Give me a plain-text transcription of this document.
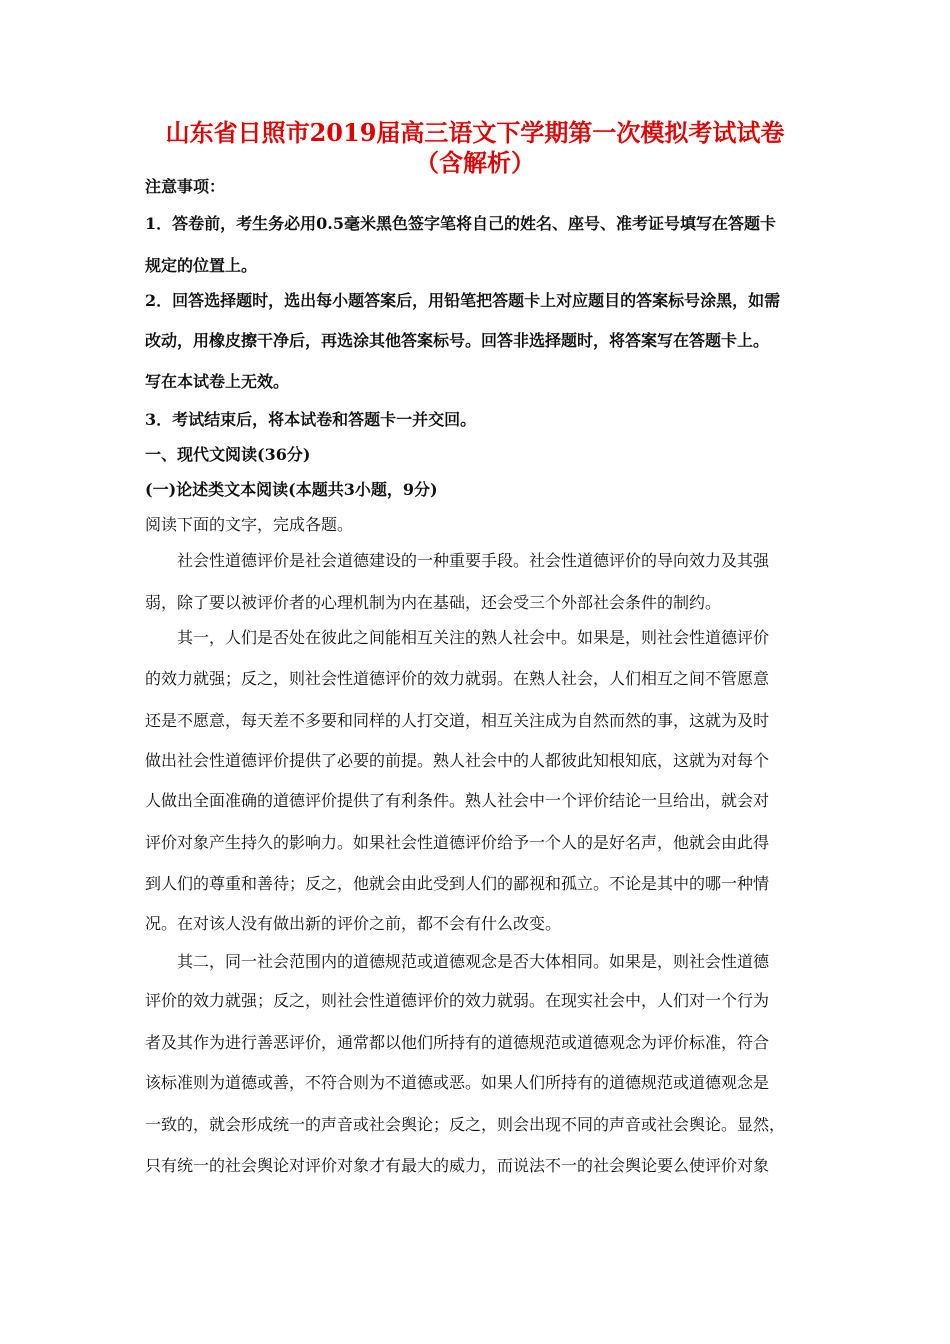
山东省日照市2019届高三语文下学期第一次模拟考试试卷（含解析）
注意事项：
1．答卷前，考生务必用0.5毫米黑色签字笔将自己的姓名、座号、准考证号填写在答题卡
规定的位置上。
2．回答选择题时，选出每小题答案后，用铅笔把答题卡上对应题目的答案标号涂黑，如需
改动，用橡皮擦干净后，再选涂其他答案标号。回答非选择题时，将答案写在答题卡上。
写在本试卷上无效。
3．考试结束后，将本试卷和答题卡一并交回。
一、现代文阅读(36分)
(一)论述类文本阅读(本题共3小题，9分)
阅读下面的文字，完成各题。
社会性道德评价是社会道德建设的一种重要手段。社会性道德评价的导向效力及其强
弱，除了要以被评价者的心理机制为内在基础，还会受三个外部社会条件的制约。
其一，人们是否处在彼此之间能相互关注的熟人社会中。如果是，则社会性道德评价
的效力就强；反之，则社会性道德评价的效力就弱。在熟人社会，人们相互之间不管愿意
还是不愿意，每天差不多要和同样的人打交道，相互关注成为自然而然的事，这就为及时
做出社会性道德评价提供了必要的前提。熟人社会中的人都彼此知根知底，这就为对每个
人做出全面准确的道德评价提供了有利条件。熟人社会中一个评价结论一旦给出，就会对
评价对象产生持久的影响力。如果社会性道德评价给予一个人的是好名声，他就会由此得
到人们的尊重和善待；反之，他就会由此受到人们的鄙视和孤立。不论是其中的哪一种情
况。在对该人没有做出新的评价之前，都不会有什么改变。
其二，同一社会范围内的道德规范或道德观念是否大体相同。如果是，则社会性道德
评价的效力就强；反之，则社会性道德评价的效力就弱。在现实社会中，人们对一个行为
者及其作为进行善恶评价，通常都以他们所持有的道德规范或道德观念为评价标准，符合
该标准则为道德或善，不符合则为不道德或恶。如果人们所持有的道德规范或道德观念是
一致的，就会形成统一的声音或社会舆论；反之，则会出现不同的声音或社会舆论。显然，
只有统一的社会舆论对评价对象才有最大的威力，而说法不一的社会舆论要么使评价对象
